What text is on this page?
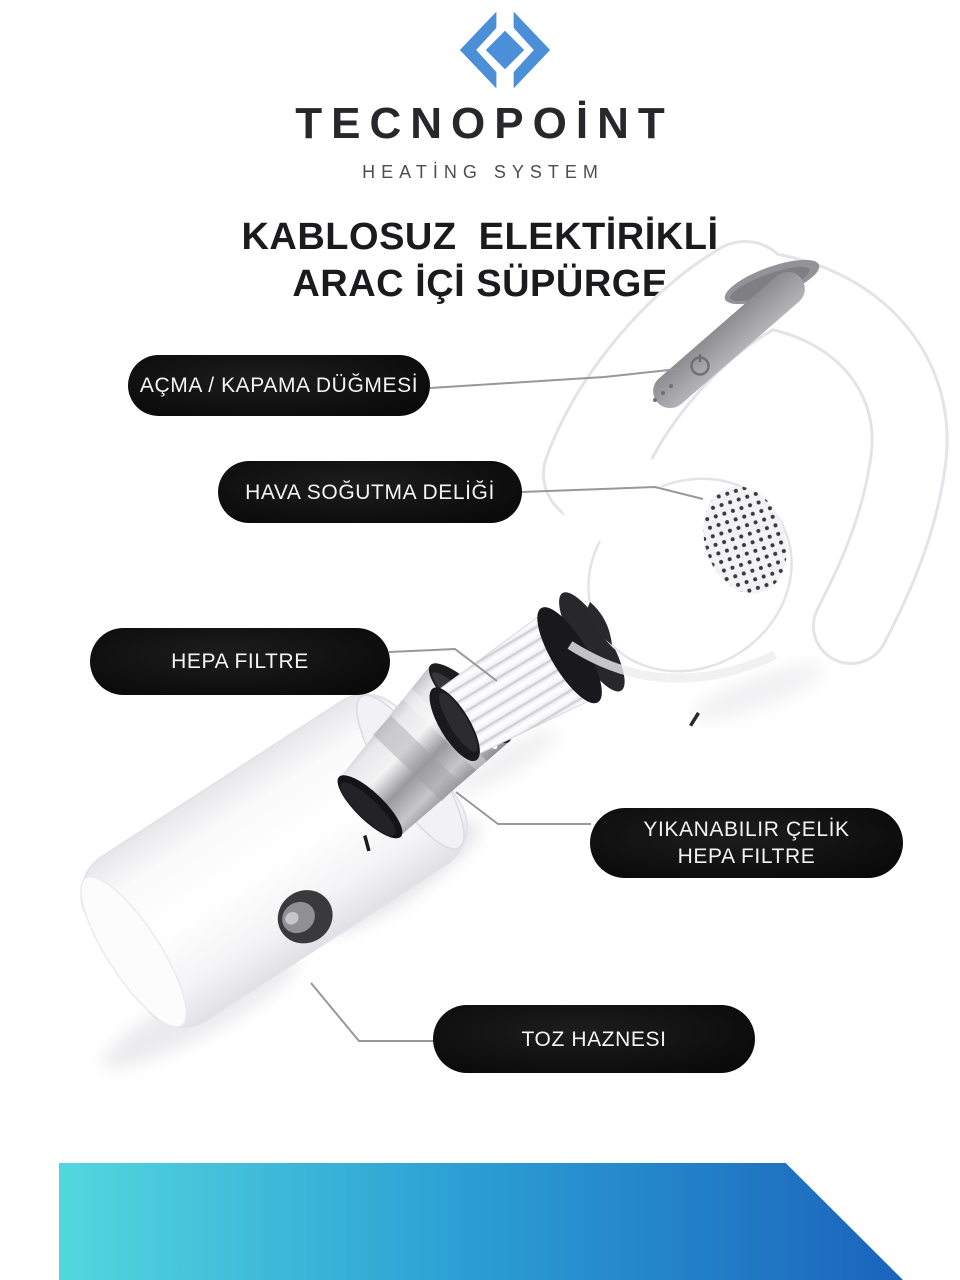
TECNOPOİNT
HEATİNG SYSTEM
KABLOSUZ  ELEKTİRİKLİ
ARAC İÇİ SÜPÜRGE
AÇMA / KAPAMA DÜĞMESİ
HAVA SOĞUTMA DELİĞİ
HEPA FILTRE
YIKANABILIR ÇELİK
HEPA FILTRE
TOZ HAZNESI
